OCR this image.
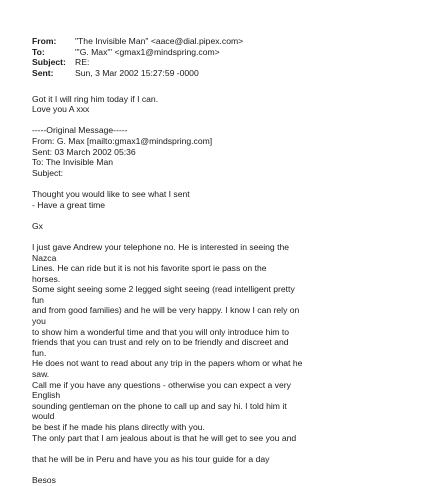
From:	"The Invisible Man" <aace@dial.pipex.com>
To:	"'G. Max'" <gmax1@mindspring.com>
Subject:	RE:
Sent:	Sun, 3 Mar 2002 15:27:59 -0000
Got it I will ring him today if I can.
Love you A xxx
-----Original Message-----
From: G. Max [mailto:gmax1@mindspring.com]
Sent: 03 March 2002 05:36
To: The Invisible Man
Subject:
Thought you would like to see what I sent
- Have a great time
Gx
I just gave Andrew your telephone no. He is interested in seeing the
Nazca
Lines. He can ride but it is not his favorite sport ie pass on the
horses.
Some sight seeing some 2 legged sight seeing (read intelligent pretty
fun
and from good families) and he will be very happy. I know I can rely on
you
to show him a wonderful time and that you will only introduce him to
friends that you can trust and rely on to be friendly and discreet and
fun.
He does not want to read about any trip in the papers whom or what he
saw.
Call me if you have any questions - otherwise you can expect a very
English
sounding gentleman on the phone to call up and say hi. I told him it
would
be best if he made his plans directly with you.
The only part that I am jealous about is that he will get to see you and
that he will be in Peru and have you as his tour guide for a day
Besos
